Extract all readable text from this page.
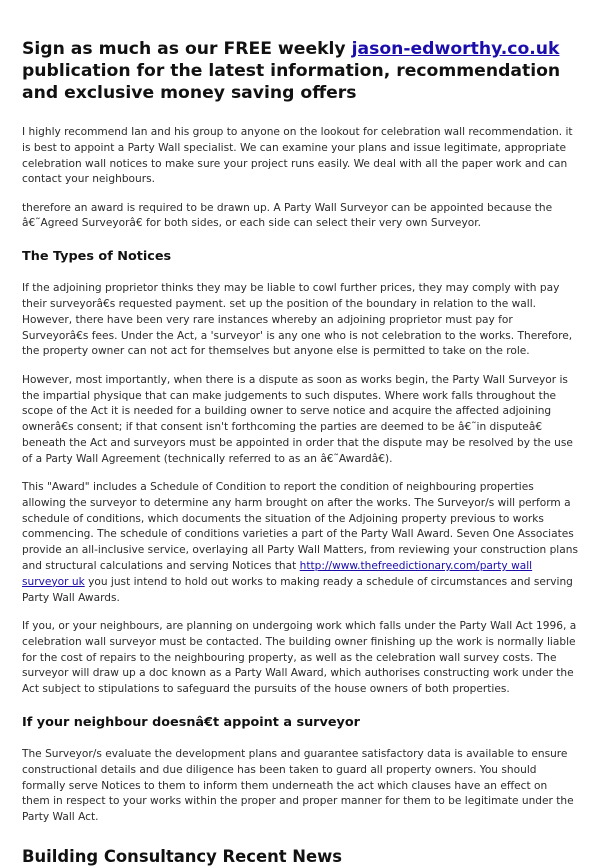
Sign as much as our FREE weekly jason-edworthy.co.uk publication for the latest information, recommendation and exclusive money saving offers

I highly recommend Ian and his group to anyone on the lookout for celebration wall recommendation. it is best to appoint a Party Wall specialist. We can examine your plans and issue legitimate, appropriate celebration wall notices to make sure your project runs easily. We deal with all the paper work and can contact your neighbours.

therefore an award is required to be drawn up. A Party Wall Surveyor can be appointed because the â€˜Agreed Surveyorâ€ for both sides, or each side can select their very own Surveyor.

The Types of Notices

If the adjoining proprietor thinks they may be liable to cowl further prices, they may comply with pay their surveyorâ€s requested payment. set up the position of the boundary in relation to the wall. However, there have been very rare instances whereby an adjoining proprietor must pay for Surveyorâ€s fees. Under the Act, a 'surveyor' is any one who is not celebration to the works. Therefore, the property owner can not act for themselves but anyone else is permitted to take on the role.

However, most importantly, when there is a dispute as soon as works begin, the Party Wall Surveyor is the impartial physique that can make judgements to such disputes. Where work falls throughout the scope of the Act it is needed for a building owner to serve notice and acquire the affected adjoining ownerâ€s consent; if that consent isn't forthcoming the parties are deemed to be â€˜in disputeâ€ beneath the Act and surveyors must be appointed in order that the dispute may be resolved by the use of a Party Wall Agreement (technically referred to as an â€˜Awardâ€).

This "Award" includes a Schedule of Condition to report the condition of neighbouring properties allowing the surveyor to determine any harm brought on after the works. The Surveyor/s will perform a schedule of conditions, which documents the situation of the Adjoining property previous to works commencing. The schedule of conditions varieties a part of the Party Wall Award. Seven One Associates provide an all-inclusive service, overlaying all Party Wall Matters, from reviewing your construction plans and structural calculations and serving Notices that http://www.thefreedictionary.com/party wall surveyor uk you just intend to hold out works to making ready a schedule of circumstances and serving Party Wall Awards.

If you, or your neighbours, are planning on undergoing work which falls under the Party Wall Act 1996, a celebration wall surveyor must be contacted. The building owner finishing up the work is normally liable for the cost of repairs to the neighbouring property, as well as the celebration wall survey costs. The surveyor will draw up a doc known as a Party Wall Award, which authorises constructing work under the Act subject to stipulations to safeguard the pursuits of the house owners of both properties.

If your neighbour doesnâ€t appoint a surveyor

The Surveyor/s evaluate the development plans and guarantee satisfactory data is available to ensure constructional details and due diligence has been taken to guard all property owners. You should formally serve Notices to them to inform them underneath the act which clauses have an effect on them in respect to your works within the proper and proper manner for them to be legitimate under the Party Wall Act.

Building Consultancy Recent News
